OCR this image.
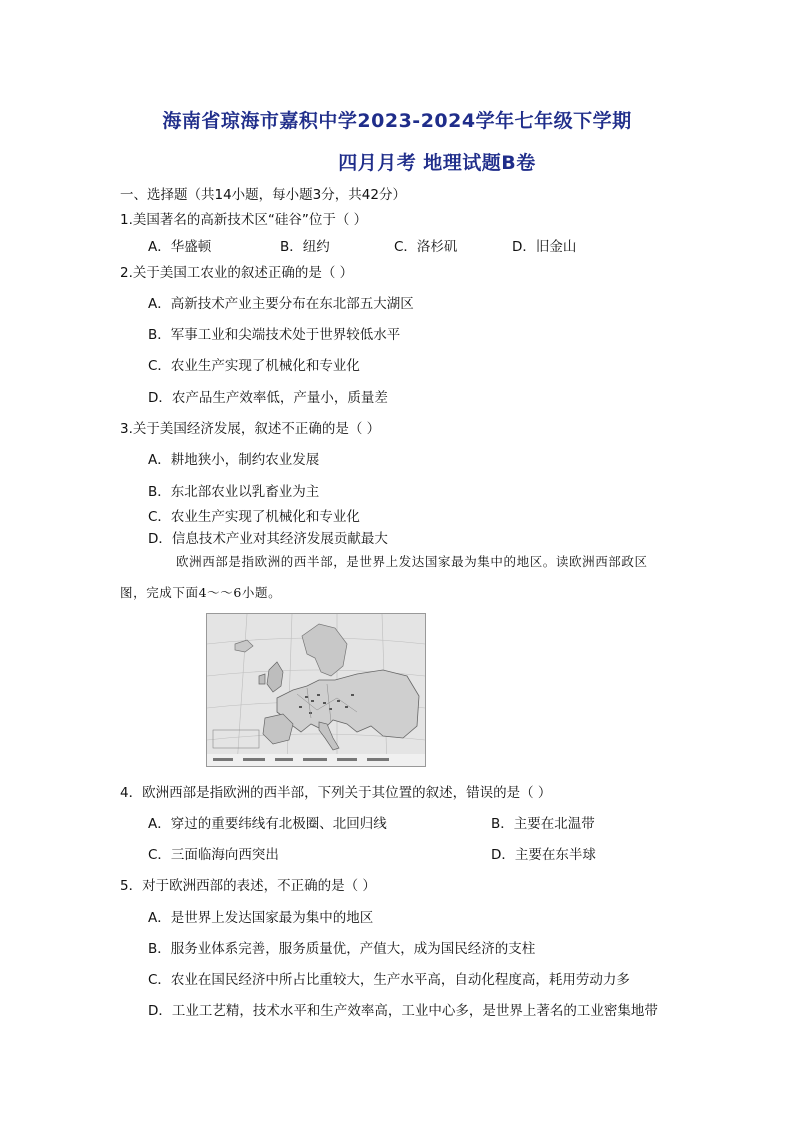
海南省琼海市嘉积中学2023-2024学年七年级下学期
四月月考 地理试题B卷
一、选择题（共14小题，每小题3分，共42分）
1.美国著名的高新技术区“硅谷”位于（ ）
A．华盛顿	B．纽约	C．洛杉矶	D．旧金山
2.关于美国工农业的叙述正确的是（ ）
A．高新技术产业主要分布在东北部五大湖区
B．军事工业和尖端技术处于世界较低水平
C．农业生产实现了机械化和专业化
D．农产品生产效率低，产量小，质量差
3.关于美国经济发展，叙述不正确的是（ ）
A．耕地狭小，制约农业发展
B．东北部农业以乳畜业为主
C．农业生产实现了机械化和专业化
D．信息技术产业对其经济发展贡献最大
欧洲西部是指欧洲的西半部，是世界上发达国家最为集中的地区。读欧洲西部政区
图，完成下面4～～6小题。
4．欧洲西部是指欧洲的西半部，下列关于其位置的叙述，错误的是（ ）
A．穿过的重要纬线有北极圈、北回归线	B．主要在北温带
C．三面临海向西突出	D．主要在东半球
5．对于欧洲西部的表述，不正确的是（ ）
A．是世界上发达国家最为集中的地区
B．服务业体系完善，服务质量优，产值大，成为国民经济的支柱
C．农业在国民经济中所占比重较大，生产水平高，自动化程度高，耗用劳动力多
D．工业工艺精，技术水平和生产效率高，工业中心多，是世界上著名的工业密集地带
